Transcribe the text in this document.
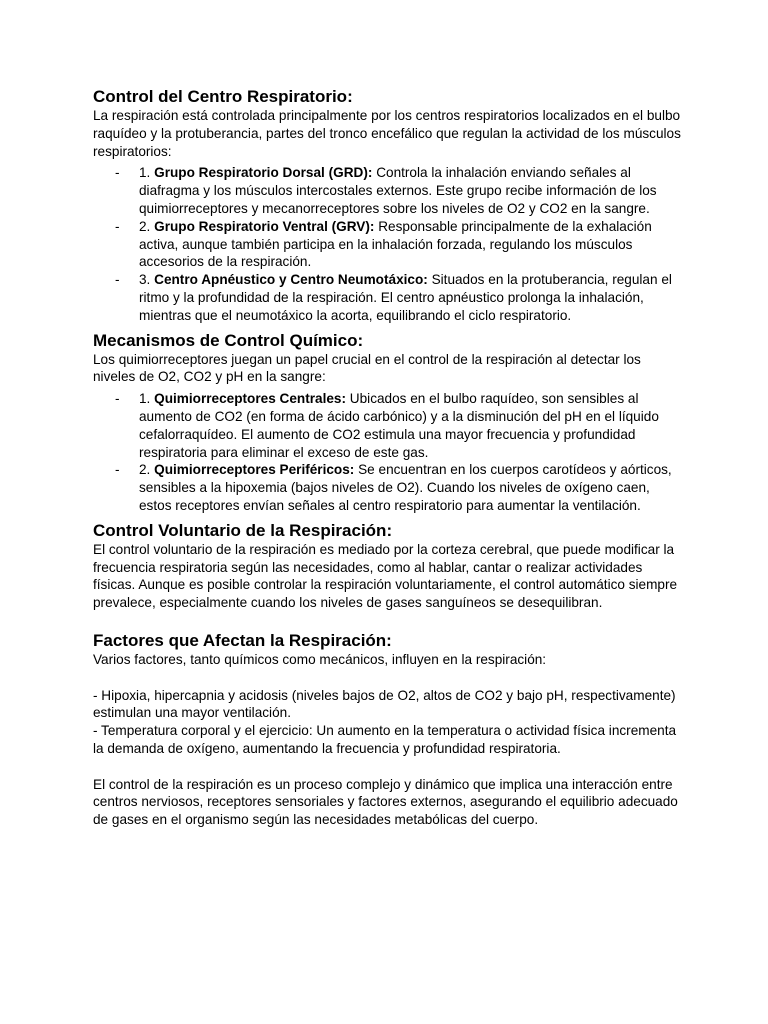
Control del Centro Respiratorio:

La respiración está controlada principalmente por los centros respiratorios localizados en el bulbo raquídeo y la protuberancia, partes del tronco encefálico que regulan la actividad de los músculos respiratorios:

- 1. Grupo Respiratorio Dorsal (GRD): Controla la inhalación enviando señales al diafragma y los músculos intercostales externos. Este grupo recibe información de los quimiorreceptores y mecanorreceptores sobre los niveles de O2 y CO2 en la sangre.
- 2. Grupo Respiratorio Ventral (GRV): Responsable principalmente de la exhalación activa, aunque también participa en la inhalación forzada, regulando los músculos accesorios de la respiración.
- 3. Centro Apnéustico y Centro Neumotáxico: Situados en la protuberancia, regulan el ritmo y la profundidad de la respiración. El centro apnéustico prolonga la inhalación, mientras que el neumotáxico la acorta, equilibrando el ciclo respiratorio.
Mecanismos de Control Químico:

Los quimiorreceptores juegan un papel crucial en el control de la respiración al detectar los niveles de O2, CO2 y pH en la sangre:

- 1. Quimiorreceptores Centrales: Ubicados en el bulbo raquídeo, son sensibles al aumento de CO2 (en forma de ácido carbónico) y a la disminución del pH en el líquido cefalorraquídeo. El aumento de CO2 estimula una mayor frecuencia y profundidad respiratoria para eliminar el exceso de este gas.
- 2. Quimiorreceptores Periféricos: Se encuentran en los cuerpos carotídeos y aórticos, sensibles a la hipoxemia (bajos niveles de O2). Cuando los niveles de oxígeno caen, estos receptores envían señales al centro respiratorio para aumentar la ventilación.
Control Voluntario de la Respiración:

El control voluntario de la respiración es mediado por la corteza cerebral, que puede modificar la frecuencia respiratoria según las necesidades, como al hablar, cantar o realizar actividades físicas. Aunque es posible controlar la respiración voluntariamente, el control automático siempre prevalece, especialmente cuando los niveles de gases sanguíneos se desequilibran.

Factores que Afectan la Respiración:

Varios factores, tanto químicos como mecánicos, influyen en la respiración:

- Hipoxia, hipercapnia y acidosis (niveles bajos de O2, altos de CO2 y bajo pH, respectivamente) estimulan una mayor ventilación.

- Temperatura corporal y el ejercicio: Un aumento en la temperatura o actividad física incrementa la demanda de oxígeno, aumentando la frecuencia y profundidad respiratoria.

El control de la respiración es un proceso complejo y dinámico que implica una interacción entre centros nerviosos, receptores sensoriales y factores externos, asegurando el equilibrio adecuado de gases en el organismo según las necesidades metabólicas del cuerpo.
